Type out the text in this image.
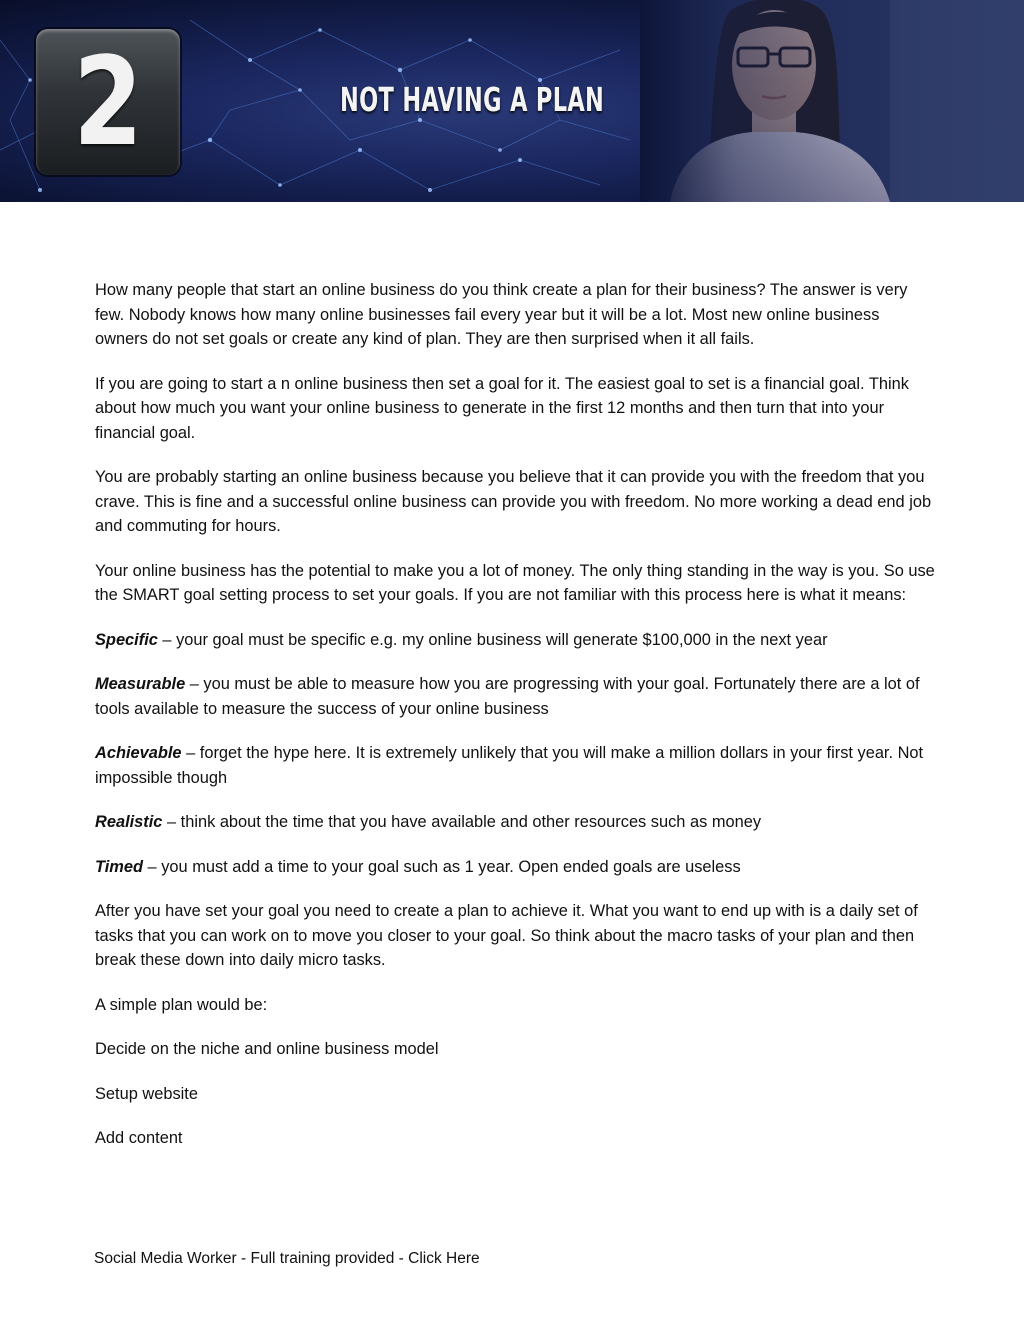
2	NOT HAVING A PLAN

How many people that start an online business do you think create a plan for their business? The answer is very few. Nobody knows how many online businesses fail every year but it will be a lot. Most new online business owners do not set goals or create any kind of plan. They are then surprised when it all fails.

If you are going to start a n online business then set a goal for it. The easiest goal to set is a financial goal. Think about how much you want your online business to generate in the first 12 months and then turn that into your financial goal.

You are probably starting an online business because you believe that it can provide you with the freedom that you crave. This is fine and a successful online business can provide you with freedom. No more working a dead end job and commuting for hours.

Your online business has the potential to make you a lot of money. The only thing standing in the way is you. So use the SMART goal setting process to set your goals. If you are not familiar with this process here is what it means:

Specific – your goal must be specific e.g. my online business will generate $100,000 in the next year

Measurable – you must be able to measure how you are progressing with your goal. Fortunately there are a lot of tools available to measure the success of your online business

Achievable – forget the hype here. It is extremely unlikely that you will make a million dollars in your first year. Not impossible though

Realistic – think about the time that you have available and other resources such as money

Timed – you must add a time to your goal such as 1 year. Open ended goals are useless

After you have set your goal you need to create a plan to achieve it. What you want to end up with is a daily set of tasks that you can work on to move you closer to your goal. So think about the macro tasks of your plan and then break these down into daily micro tasks.

A simple plan would be:

Decide on the niche and online business model

Setup website

Add content

Social Media Worker - Full training provided - Click Here
